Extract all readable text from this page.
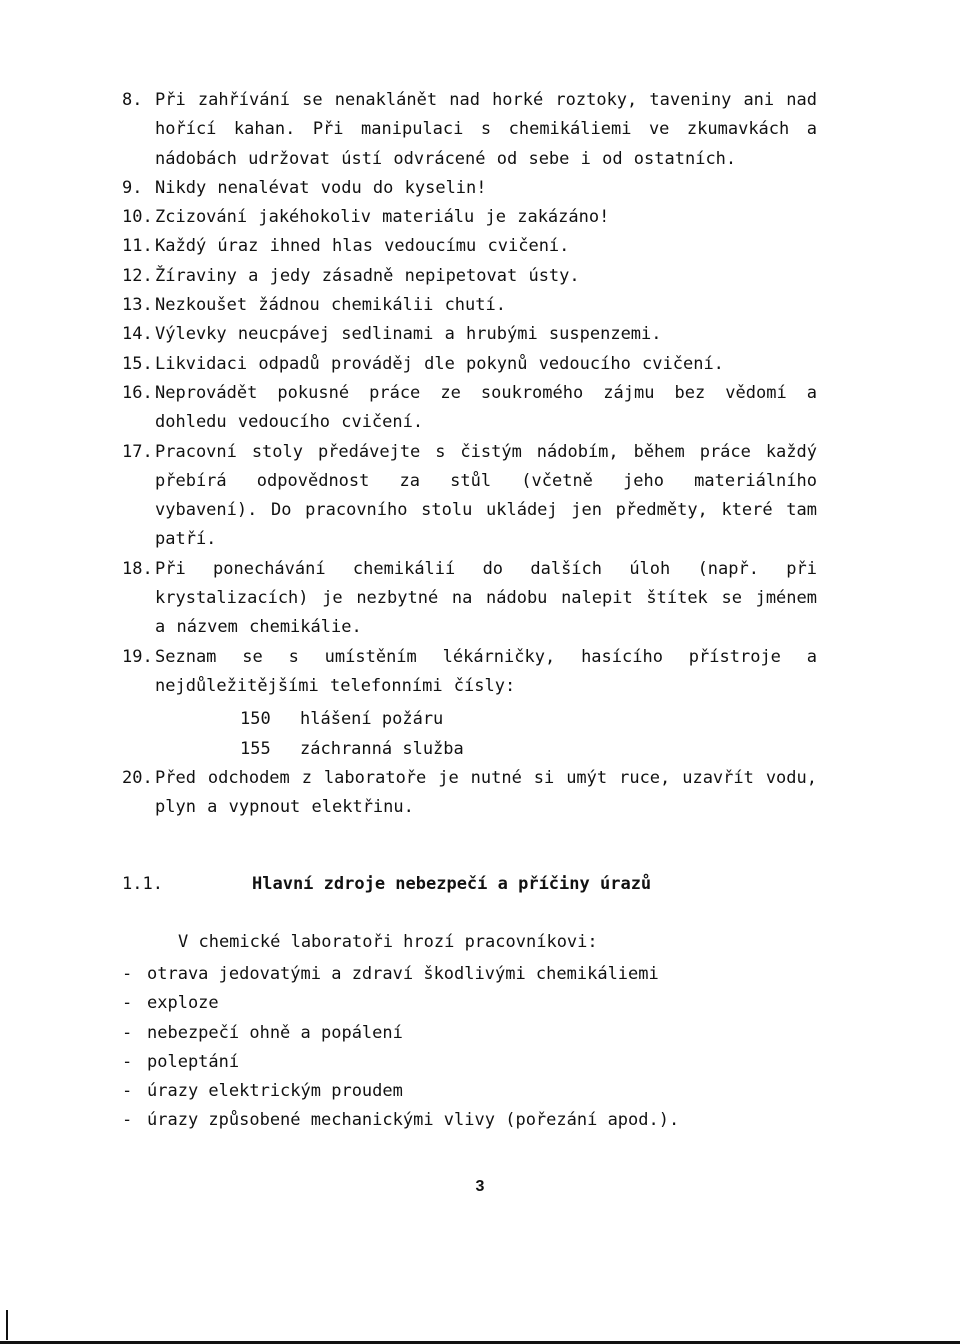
8. Při zahřívání se nenaklánět nad horké roztoky, taveniny ani nad hořící kahan. Při manipulaci s chemikáliemi ve zkumavkách a nádobách udržovat ústí odvrácené od sebe i od ostatních.
9. Nikdy nenalévat vodu do kyselin!
10. Zcizování jakéhokoliv materiálu je zakázáno!
11. Každý úraz ihned hlas vedoucímu cvičení.
12. Žíraviny a jedy zásadně nepipetovat ústy.
13. Nezkoušet žádnou chemikálii chutí.
14. Výlevky neucpávej sedlinami a hrubými suspenzemi.
15. Likvidaci odpadů prováděj dle pokynů vedoucího cvičení.
16. Neprovádět pokusné práce ze soukromého zájmu bez vědomí a dohledu vedoucího cvičení.
17. Pracovní stoly předávejte s čistým nádobím, během práce každý přebírá odpovědnost za stůl (včetně jeho materiálního vybavení). Do pracovního stolu ukládej jen předměty, které tam patří.
18. Při ponechávání chemikálií do dalších úloh (např. při krystalizacích) je nezbytné na nádobu nalepit štítek se jménem a názvem chemikálie.
19. Seznam se s umístěním lékárničky, hasícího přístroje a nejdůležitějšími telefonními čísly:
150	hlášení požáru
155	záchranná služba
20. Před odchodem z laboratoře je nutné si umýt ruce, uzavřít vodu, plyn a vypnout elektřinu.
1.1.	Hlavní zdroje nebezpečí a příčiny úrazů
V chemické laboratoři hrozí pracovníkovi:
- otrava jedovatými a zdraví škodlivými chemikáliemi
- exploze
- nebezpečí ohně a popálení
- poleptání
- úrazy elektrickým proudem
- úrazy způsobené mechanickými vlivy (pořezání apod.).
3
